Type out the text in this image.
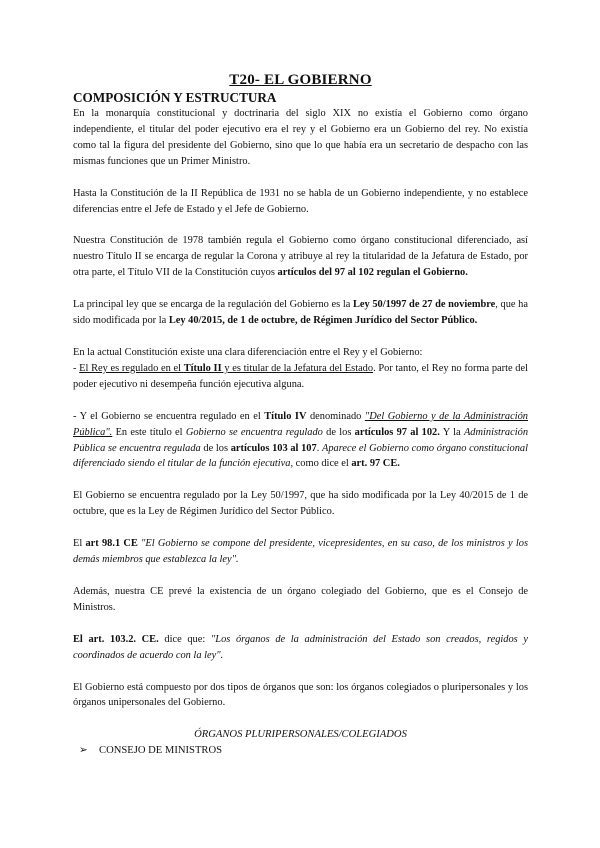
T20- EL GOBIERNO
COMPOSICIÓN Y ESTRUCTURA

En la monarquía constitucional y doctrinaria del siglo XIX no existía el Gobierno como órgano independiente, el titular del poder ejecutivo era el rey y el Gobierno era un Gobierno del rey. No existía como tal la figura del presidente del Gobierno, sino que lo que había era un secretario de despacho con las mismas funciones que un Primer Ministro.

Hasta la Constitución de la II República de 1931 no se habla de un Gobierno independiente, y no establece diferencias entre el Jefe de Estado y el Jefe de Gobierno.

Nuestra Constitución de 1978 también regula el Gobierno como órgano constitucional diferenciado, así nuestro Título II se encarga de regular la Corona y atribuye al rey la titularidad de la Jefatura de Estado, por otra parte, el Título VII de la Constitución cuyos artículos del 97 al 102 regulan el Gobierno.

La principal ley que se encarga de la regulación del Gobierno es la Ley 50/1997 de 27 de noviembre, que ha sido modificada por la Ley 40/2015, de 1 de octubre, de Régimen Jurídico del Sector Público.

En la actual Constitución existe una clara diferenciación entre el Rey y el Gobierno:
- El Rey es regulado en el Título II y es titular de la Jefatura del Estado. Por tanto, el Rey no forma parte del poder ejecutivo ni desempeña función ejecutiva alguna.

- Y el Gobierno se encuentra regulado en el Título IV denominado "Del Gobierno y de la Administración Pública". En este título el Gobierno se encuentra regulado de los artículos 97 al 102. Y la Administración Pública se encuentra regulada de los artículos 103 al 107. Aparece el Gobierno como órgano constitucional diferenciado siendo el titular de la función ejecutiva, como dice el art. 97 CE.

El Gobierno se encuentra regulado por la Ley 50/1997, que ha sido modificada por la Ley 40/2015 de 1 de octubre, que es la Ley de Régimen Jurídico del Sector Público.

El art 98.1 CE "El Gobierno se compone del presidente, vicepresidentes, en su caso, de los ministros y los demás miembros que establezca la ley".

Además, nuestra CE prevé la existencia de un órgano colegiado del Gobierno, que es el Consejo de Ministros.

El art. 103.2. CE. dice que: "Los órganos de la administración del Estado son creados, regidos y coordinados de acuerdo con la ley".

El Gobierno está compuesto por dos tipos de órganos que son: los órganos colegiados o pluripersonales y los órganos unipersonales del Gobierno.

ÓRGANOS PLURIPERSONALES/COLEGIADOS

➢ CONSEJO DE MINISTROS
